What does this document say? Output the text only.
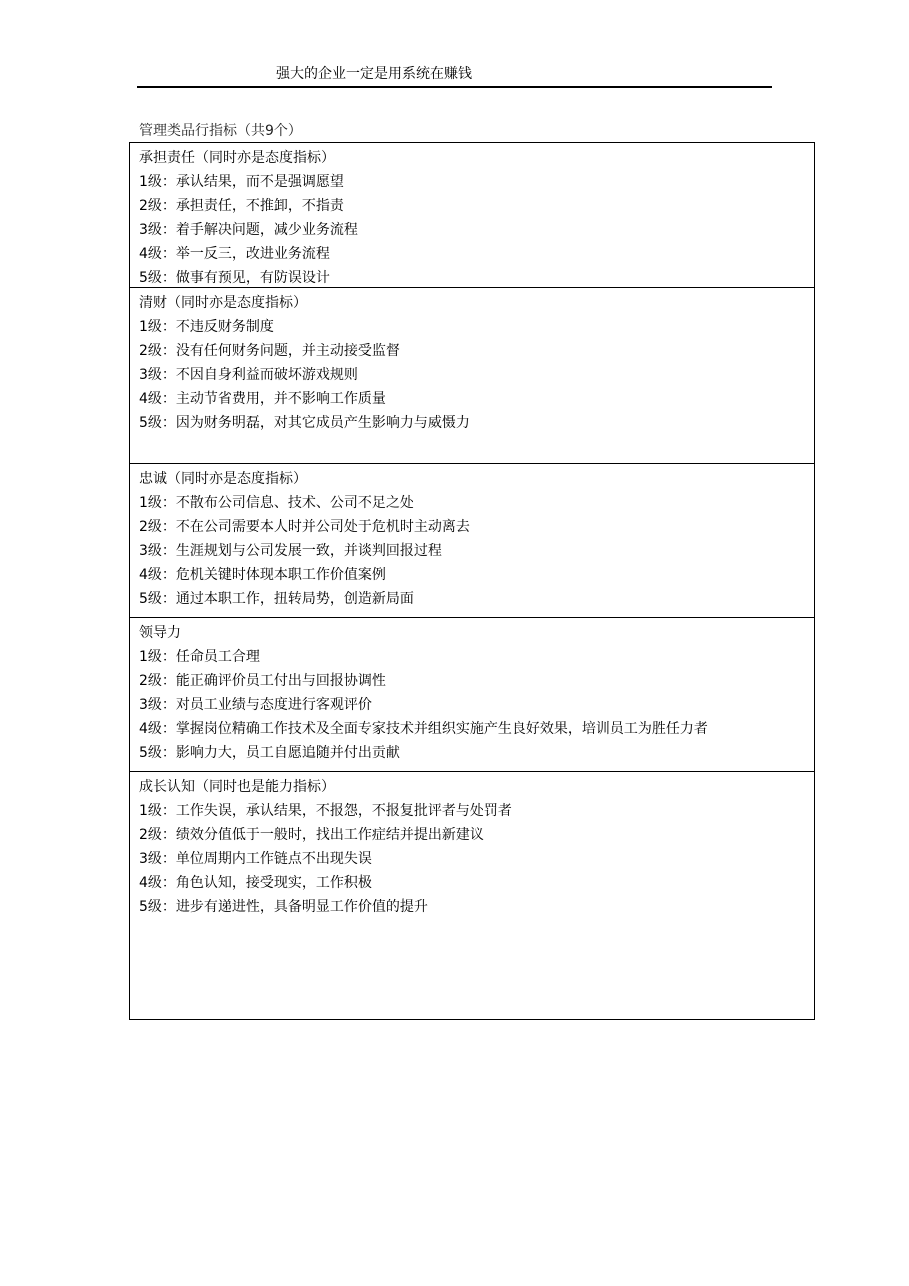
强大的企业一定是用系统在赚钱
管理类品行指标（共9个）
承担责任（同时亦是态度指标）
1级：承认结果，而不是强调愿望
2级：承担责任，不推卸，不指责
3级：着手解决问题，减少业务流程
4级：举一反三，改进业务流程
5级：做事有预见，有防误设计
清财（同时亦是态度指标）
1级：不违反财务制度
2级：没有任何财务问题，并主动接受监督
3级：不因自身利益而破坏游戏规则
4级：主动节省费用，并不影响工作质量
5级：因为财务明磊，对其它成员产生影响力与威慑力
忠诚（同时亦是态度指标）
1级：不散布公司信息、技术、公司不足之处
2级：不在公司需要本人时并公司处于危机时主动离去
3级：生涯规划与公司发展一致，并谈判回报过程
4级：危机关键时体现本职工作价值案例
5级：通过本职工作，扭转局势，创造新局面
领导力
1级：任命员工合理
2级：能正确评价员工付出与回报协调性
3级：对员工业绩与态度进行客观评价
4级：掌握岗位精确工作技术及全面专家技术并组织实施产生良好效果，培训员工为胜任力者
5级：影响力大，员工自愿追随并付出贡献
成长认知（同时也是能力指标）
1级：工作失误，承认结果，不报怨，不报复批评者与处罚者
2级：绩效分值低于一般时，找出工作症结并提出新建议
3级：单位周期内工作链点不出现失误
4级：角色认知，接受现实，工作积极
5级：进步有递进性，具备明显工作价值的提升
